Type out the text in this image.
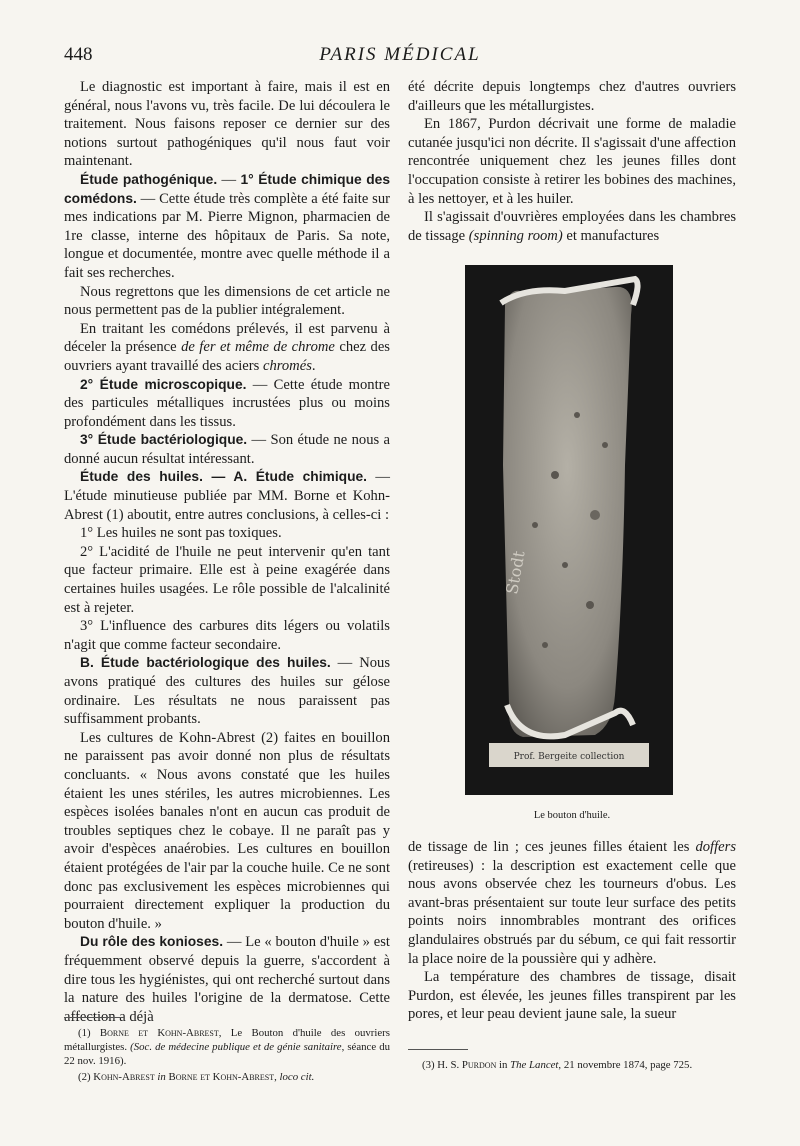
448	PARIS MÉDICAL

Le diagnostic est important à faire, mais il est en général, nous l'avons vu, très facile. De lui découlera le traitement. Nous faisons reposer ce dernier sur des notions surtout pathogéniques qu'il nous faut voir maintenant.

Étude pathogénique. — 1° Étude chimique des comédons. — Cette étude très complète a été faite sur mes indications par M. Pierre Mignon, pharmacien de 1re classe, interne des hôpitaux de Paris. Sa note, longue et documentée, montre avec quelle méthode il a fait ses recherches.

Nous regrettons que les dimensions de cet article ne nous permettent pas de la publier intégralement.

En traitant les comédons prélevés, il est parvenu à déceler la présence de fer et même de chrome chez des ouvriers ayant travaillé des aciers chromés.

2° Étude microscopique. — Cette étude montre des particules métalliques incrustées plus ou moins profondément dans les tissus.

3° Étude bactériologique. — Son étude ne nous a donné aucun résultat intéressant.

Étude des huiles. — A. Étude chimique. — L'étude minutieuse publiée par MM. Borne et Kohn-Abrest (1) aboutit, entre autres conclusions, à celles-ci :

1° Les huiles ne sont pas toxiques.

2° L'acidité de l'huile ne peut intervenir qu'en tant que facteur primaire. Elle est à peine exagérée dans certaines huiles usagées. Le rôle possible de l'alcalinité est à rejeter.

3° L'influence des carbures dits légers ou volatils n'agit que comme facteur secondaire.

B. Étude bactériologique des huiles. — Nous avons pratiqué des cultures des huiles sur gélose ordinaire. Les résultats ne nous paraissent pas suffisamment probants.

Les cultures de Kohn-Abrest (2) faites en bouillon ne paraissent pas avoir donné non plus de résultats concluants. « Nous avons constaté que les huiles étaient les unes stériles, les autres microbiennes. Les espèces isolées banales n'ont en aucun cas produit de troubles septiques chez le cobaye. Il ne paraît pas y avoir d'espèces anaérobies. Les cultures en bouillon étaient protégées de l'air par la couche huile. Ce ne sont donc pas exclusivement les espèces microbiennes qui pourraient directement expliquer la production du bouton d'huile. »

Du rôle des konioses. — Le « bouton d'huile » est fréquemment observé depuis la guerre, s'accordent à dire tous les hygiénistes, qui ont recherché surtout dans la nature des huiles l'origine de la dermatose. Cette affection a déjà

été décrite depuis longtemps chez d'autres ouvriers d'ailleurs que les métallurgistes.

En 1867, Purdon décrivait une forme de maladie cutanée jusqu'ici non décrite. Il s'agissait d'une affection rencontrée uniquement chez les jeunes filles dont l'occupation consiste à retirer les bobines des machines, à les nettoyer, et à les huiler.

Il s'agissait d'ouvrières employées dans les chambres de tissage (spinning room) et manufactures

Stodt
Prof. Bergeite collection
Le bouton d'huile.

de tissage de lin ; ces jeunes filles étaient les doffers (retireuses) : la description est exactement celle que nous avons observée chez les tourneurs d'obus. Les avant-bras présentaient sur toute leur surface des petits points noirs innombrables montrant des orifices glandulaires obstrués par du sébum, ce qui fait ressortir la place noire de la poussière qui y adhère.

La température des chambres de tissage, disait Purdon, est élevée, les jeunes filles transpirent par les pores, et leur peau devient jaune sale, la sueur

(1) Borne et Kohn-Abrest, Le Bouton d'huile des ouvriers métallurgistes. (Soc. de médecine publique et de génie sanitaire, séance du 22 nov. 1916).

(2) Kohn-Abrest in Borne et Kohn-Abrest, loco cit.

(3) H. S. Purdon in The Lancet, 21 novembre 1874, page 725.
